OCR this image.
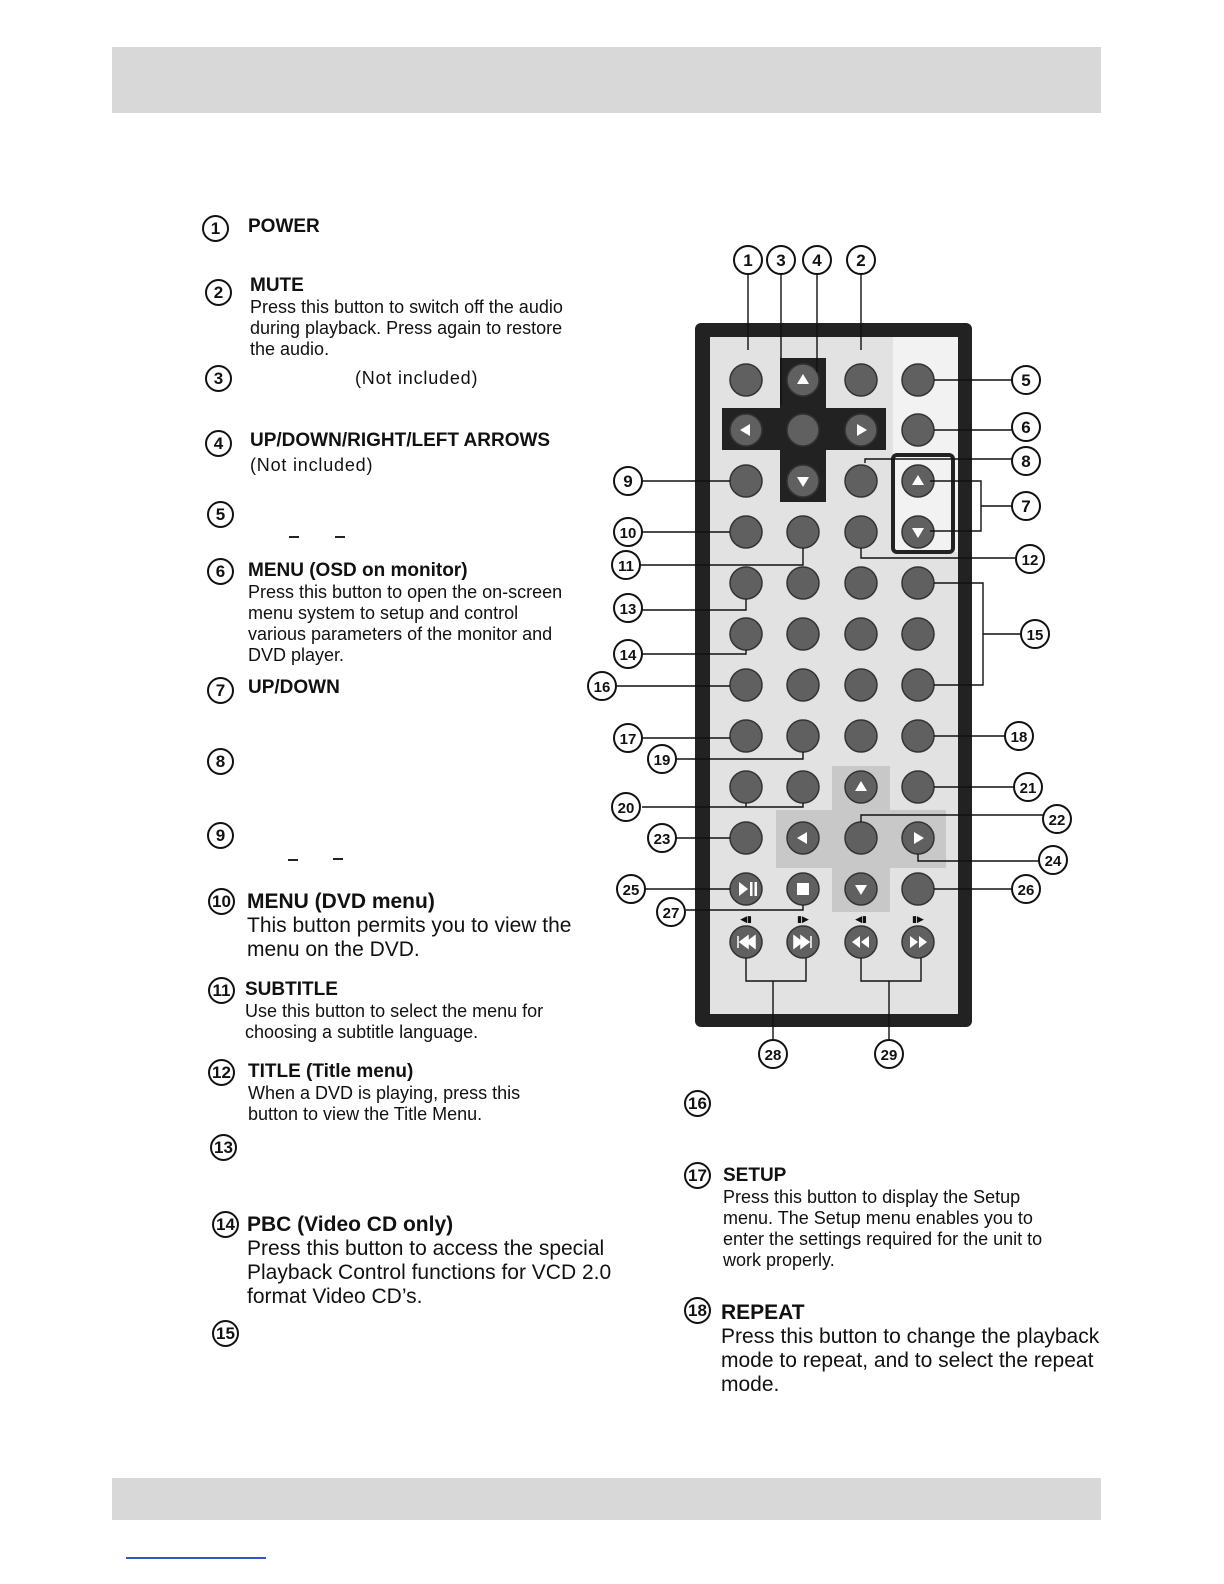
1	POWER
2	MUTE
Press this button to switch off the audio during playback. Press again to restore the audio.
3	(Not included)
4	UP/DOWN/RIGHT/LEFT ARROWS
(Not included)
5
6	MENU (OSD on monitor)
Press this button to open the on-screen menu system to setup and control various parameters of the monitor and DVD player.
7	UP/DOWN
8
9
10 MENU (DVD menu)
This button permits you to view the menu on the DVD.
11 SUBTITLE
Use this button to select the menu for choosing a subtitle language.
12 TITLE (Title menu)
When a DVD is playing, press this button to view the Title Menu.
13
14 PBC (Video CD only)
Press this button to access the special Playback Control functions for VCD 2.0 format Video CD’s.
15
16
17 SETUP
Press this button to display the Setup menu. The Setup menu enables you to enter the settings required for the unit to work properly.
18 REPEAT
Press this button to change the playback mode to repeat, and to select the repeat mode.
◀▮	▮▶	◀▮	▮▶
1 3 4 2
5
6
8
7
9
10
11	12
13
15
14
16
17	18
19
21
20
22
23
24
25	26
27
28	29
